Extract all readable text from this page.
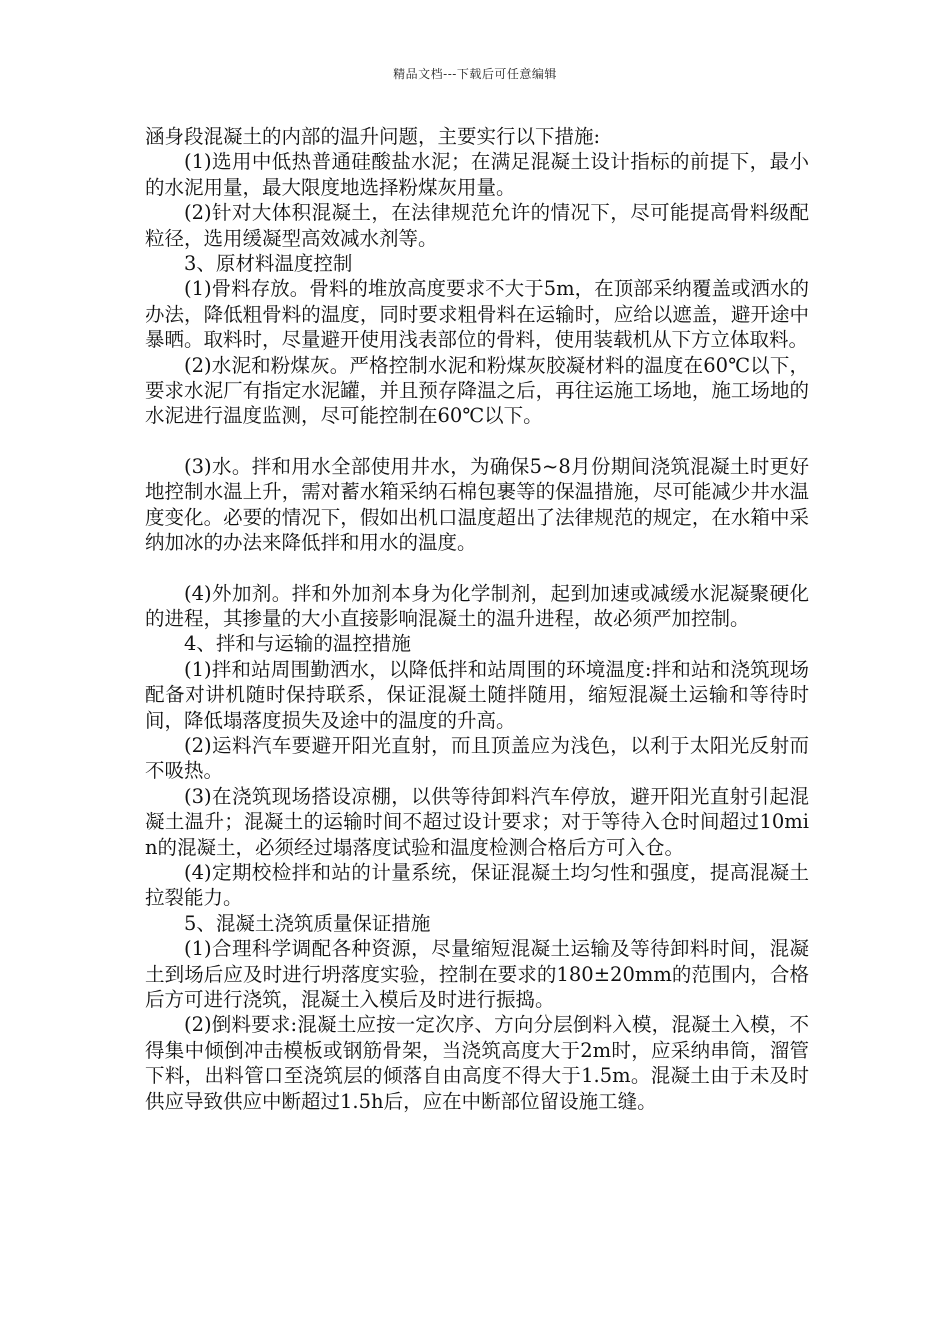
精品文档---下载后可任意编辑

涵身段混凝土的内部的温升问题，主要实行以下措施:

(1)选用中低热普通硅酸盐水泥；在满足混凝土设计指标的前提下，最小的水泥用量，最大限度地选择粉煤灰用量。

(2)针对大体积混凝土，在法律规范允许的情况下，尽可能提高骨料级配粒径，选用缓凝型高效减水剂等。

3、原材料温度控制

(1)骨料存放。骨料的堆放高度要求不大于5m，在顶部采纳覆盖或洒水的办法，降低粗骨料的温度，同时要求粗骨料在运输时，应给以遮盖，避开途中暴晒。取料时，尽量避开使用浅表部位的骨料，使用装载机从下方立体取料。

(2)水泥和粉煤灰。严格控制水泥和粉煤灰胶凝材料的温度在60℃以下，要求水泥厂有指定水泥罐，并且预存降温之后，再往运施工场地，施工场地的水泥进行温度监测，尽可能控制在60℃以下。

(3)水。拌和用水全部使用井水，为确保5~8月份期间浇筑混凝土时更好地控制水温上升，需对蓄水箱采纳石棉包裹等的保温措施，尽可能减少井水温度变化。必要的情况下，假如出机口温度超出了法律规范的规定，在水箱中采纳加冰的办法来降低拌和用水的温度。

(4)外加剂。拌和外加剂本身为化学制剂，起到加速或减缓水泥凝聚硬化的进程，其掺量的大小直接影响混凝土的温升进程，故必须严加控制。

4、拌和与运输的温控措施

(1)拌和站周围勤洒水，以降低拌和站周围的环境温度:拌和站和浇筑现场配备对讲机随时保持联系，保证混凝土随拌随用，缩短混凝土运输和等待时间，降低塌落度损失及途中的温度的升高。

(2)运料汽车要避开阳光直射，而且顶盖应为浅色，以利于太阳光反射而不吸热。

(3)在浇筑现场搭设凉棚，以供等待卸料汽车停放，避开阳光直射引起混凝土温升；混凝土的运输时间不超过设计要求；对于等待入仓时间超过10min的混凝土，必须经过塌落度试验和温度检测合格后方可入仓。

(4)定期校检拌和站的计量系统，保证混凝土均匀性和强度，提高混凝土拉裂能力。

5、混凝土浇筑质量保证措施

(1)合理科学调配各种资源，尽量缩短混凝土运输及等待卸料时间，混凝土到场后应及时进行坍落度实验，控制在要求的180±20mm的范围内，合格后方可进行浇筑，混凝土入模后及时进行振捣。

(2)倒料要求:混凝土应按一定次序、方向分层倒料入模，混凝土入模，不得集中倾倒冲击模板或钢筋骨架，当浇筑高度大于2m时，应采纳串筒，溜管下料，出料管口至浇筑层的倾落自由高度不得大于1.5m。混凝土由于未及时供应导致供应中断超过1.5h后，应在中断部位留设施工缝。
